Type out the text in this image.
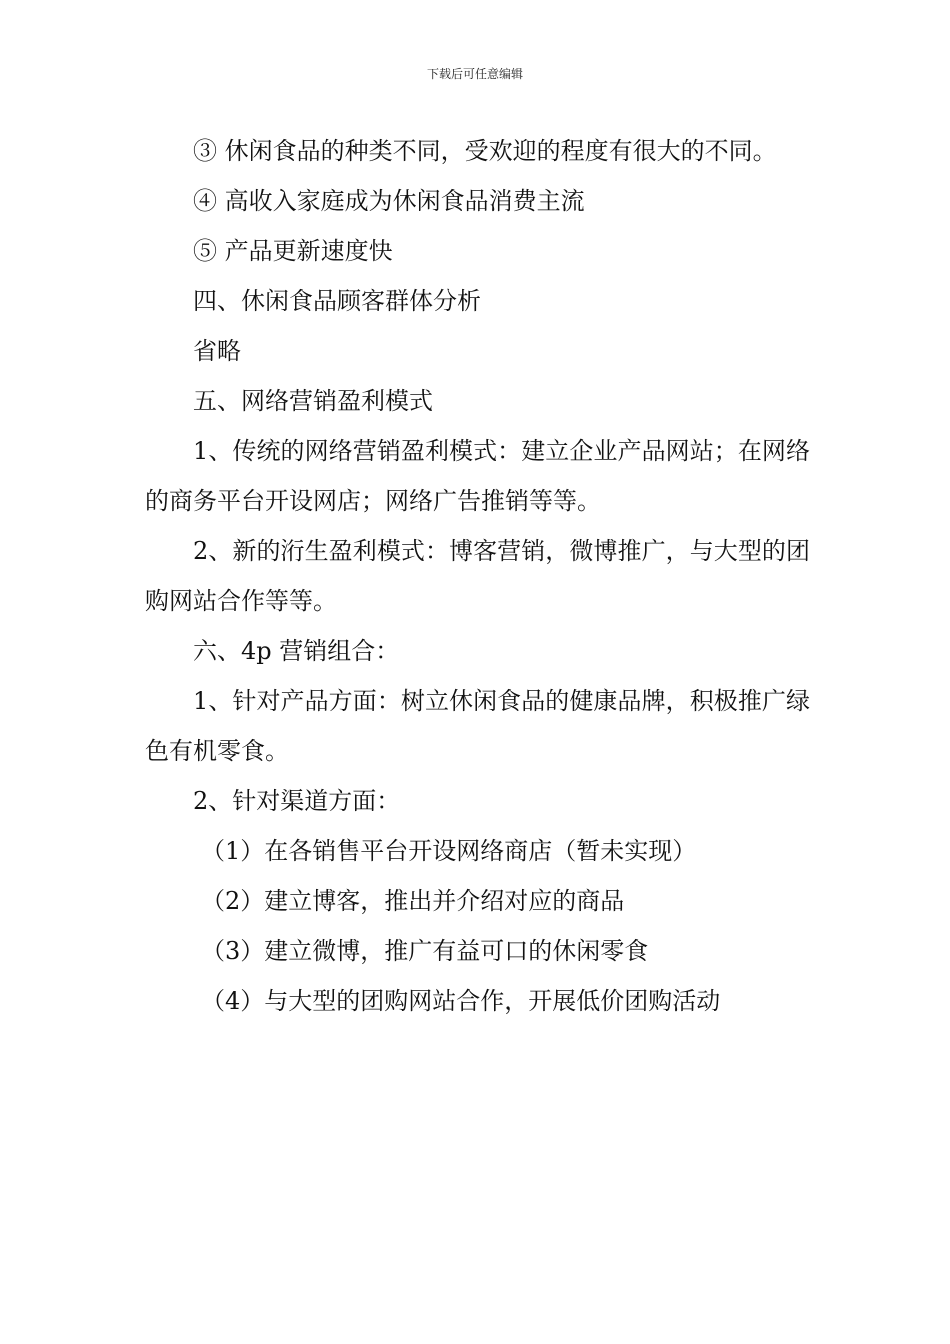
下载后可任意编辑

③ 休闲食品的种类不同，受欢迎的程度有很大的不同。

④ 高收入家庭成为休闲食品消费主流

⑤ 产品更新速度快

四、休闲食品顾客群体分析

省略

五、网络营销盈利模式

1、传统的网络营销盈利模式：建立企业产品网站；在网络的商务平台开设网店；网络广告推销等等。

2、新的洐生盈利模式：博客营销，微博推广，与大型的团购网站合作等等。

六、4p 营销组合：

1、针对产品方面：树立休闲食品的健康品牌，积极推广绿色有机零食。

2、针对渠道方面：

（1）在各销售平台开设网络商店（暂未实现）

（2）建立博客，推出并介绍对应的商品

（3）建立微博，推广有益可口的休闲零食

（4）与大型的团购网站合作，开展低价团购活动
